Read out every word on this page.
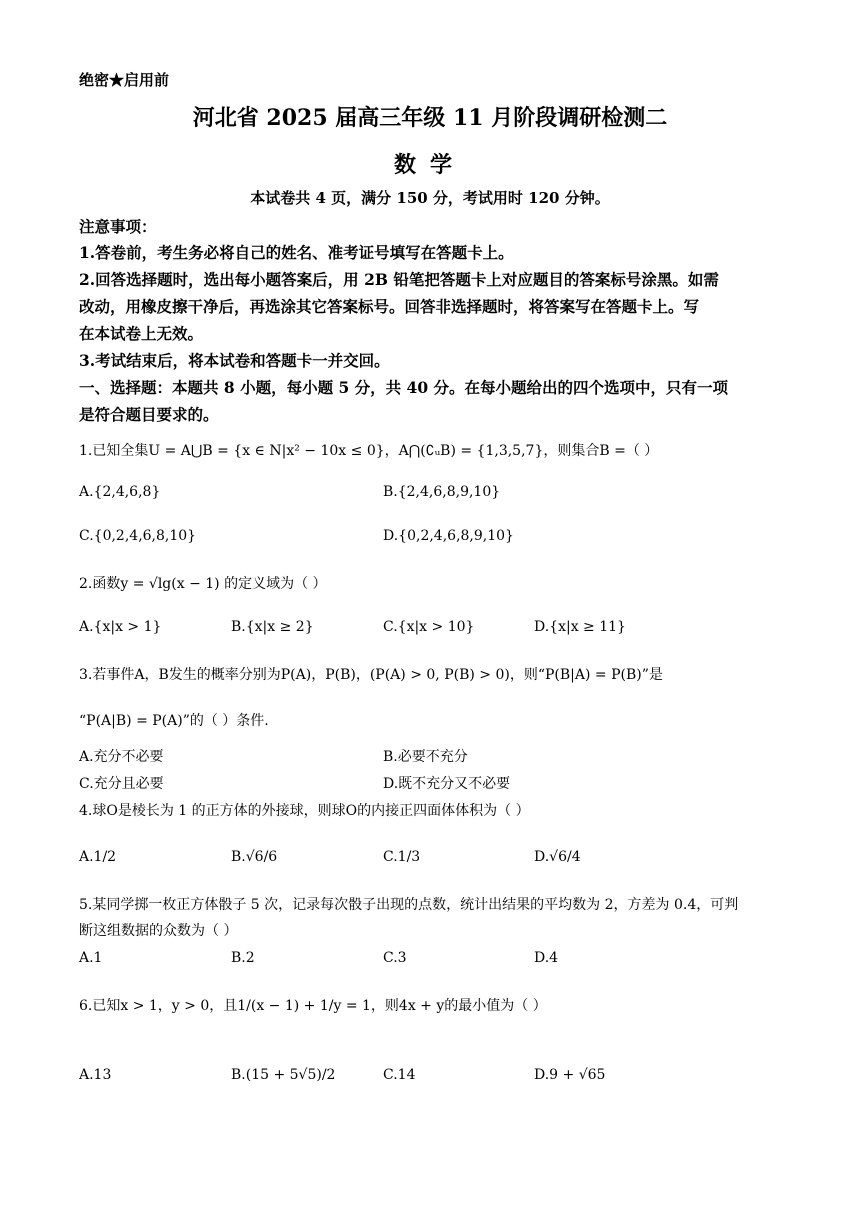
绝密★启用前
河北省 2025 届高三年级 11 月阶段调研检测二
数学
本试卷共 4 页，满分 150 分，考试用时 120 分钟。
注意事项：
1.答卷前，考生务必将自己的姓名、准考证号填写在答题卡上。
2.回答选择题时，选出每小题答案后，用 2B 铅笔把答题卡上对应题目的答案标号涂黑。如需
改动，用橡皮擦干净后，再选涂其它答案标号。回答非选择题时，将答案写在答题卡上。写
在本试卷上无效。
3.考试结束后，将本试卷和答题卡一并交回。
一、选择题：本题共 8 小题，每小题 5 分，共 40 分。在每小题给出的四个选项中，只有一项
是符合题目要求的。
1.已知全集U = A⋃B = {x ∈ N|x² − 10x ≤ 0}，A⋂(∁ᵤB) = {1,3,5,7}，则集合B =（ ）
A.{2,4,6,8}	B.{2,4,6,8,9,10}
C.{0,2,4,6,8,10}	D.{0,2,4,6,8,9,10}
2.函数y = √lg(x − 1) 的定义域为（ ）
A.{x|x > 1}	B.{x|x ≥ 2}	C.{x|x > 10}	D.{x|x ≥ 11}
3.若事件A，B发生的概率分别为P(A)，P(B)，(P(A) > 0, P(B) > 0)，则“P(B|A) = P(B)”是
“P(A|B) = P(A)”的（ ）条件.
A.充分不必要	B.必要不充分
C.充分且必要	D.既不充分又不必要
4.球O是棱长为 1 的正方体的外接球，则球O的内接正四面体体积为（ ）
A.1/2	B.√6/6	C.1/3	D.√6/4
5.某同学掷一枚正方体骰子 5 次，记录每次骰子出现的点数，统计出结果的平均数为 2，方差为 0.4，可判
断这组数据的众数为（ ）
A.1	B.2	C.3	D.4
6.已知x > 1，y > 0，且1/(x − 1) + 1/y = 1，则4x + y的最小值为（ ）
A.13	B.(15 + 5√5)/2	C.14	D.9 + √65
